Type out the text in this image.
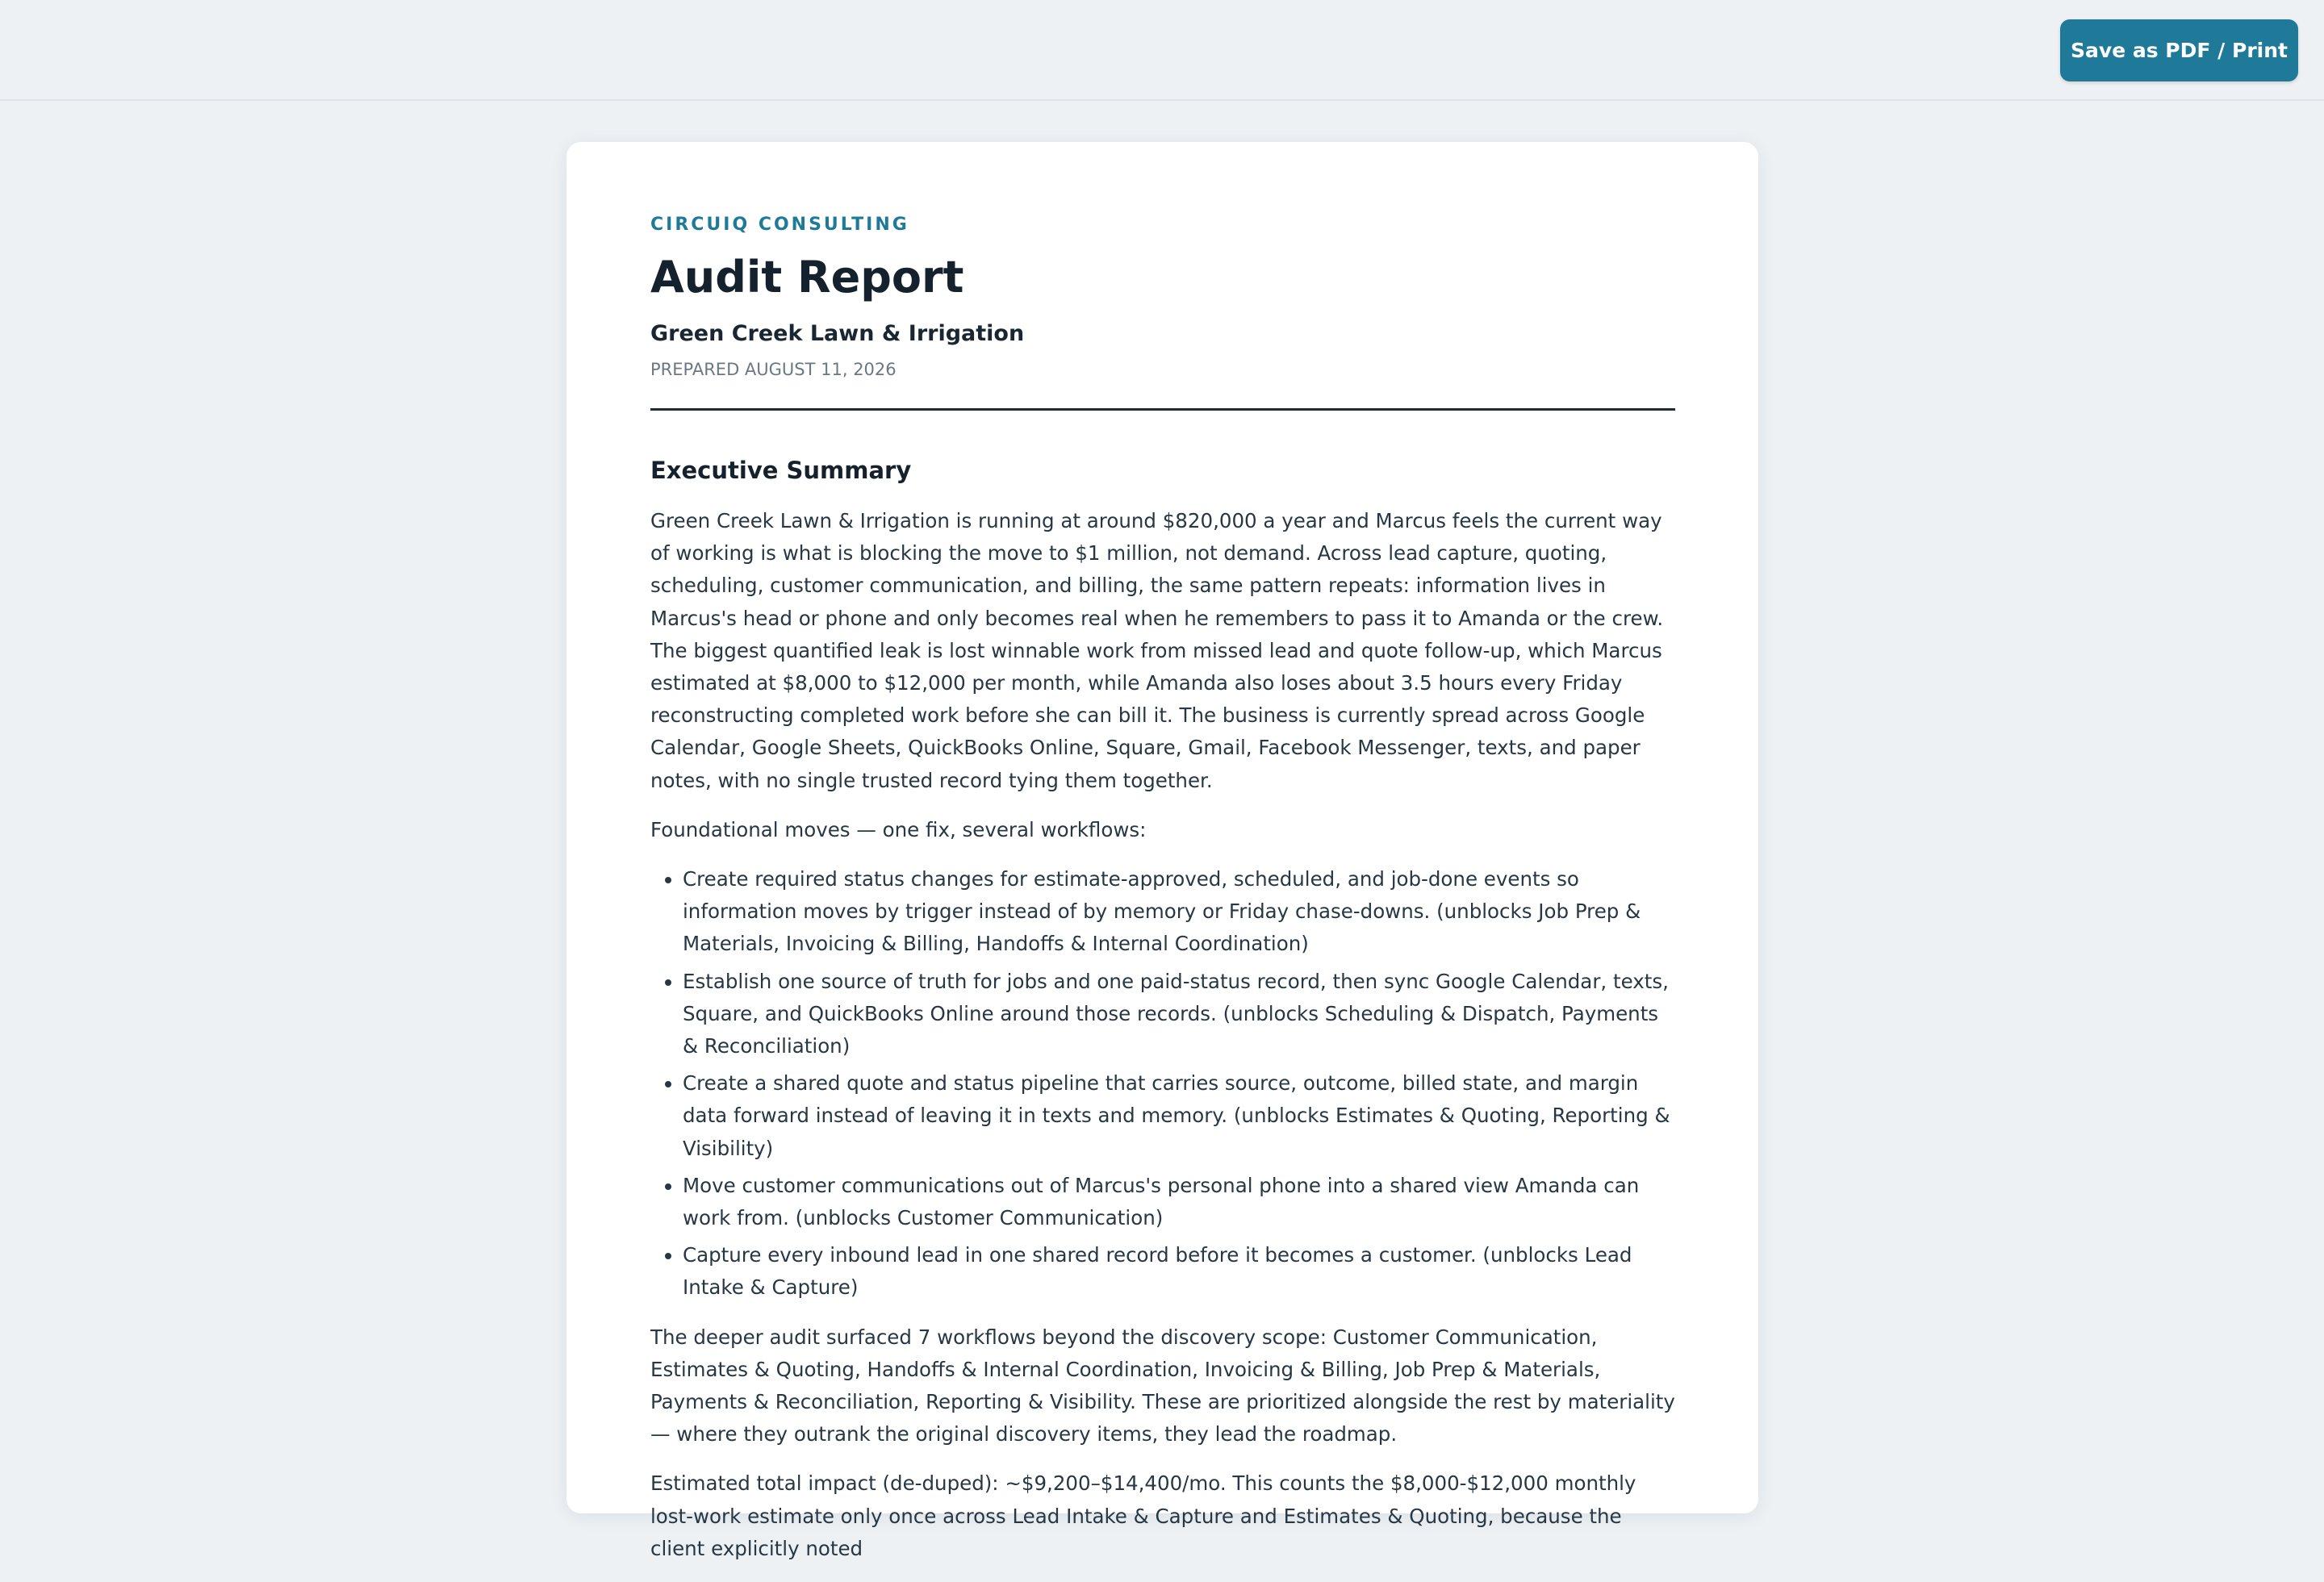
Save as PDF / Print
CIRCUIQ CONSULTING
Audit Report
Green Creek Lawn & Irrigation
PREPARED AUGUST 11, 2026
Executive Summary

Green Creek Lawn & Irrigation is running at around $820,000 a year and Marcus feels the current way of working is what is blocking the move to $1 million, not demand. Across lead capture, quoting, scheduling, customer communication, and billing, the same pattern repeats: information lives in Marcus's head or phone and only becomes real when he remembers to pass it to Amanda or the crew. The biggest quantified leak is lost winnable work from missed lead and quote follow-up, which Marcus estimated at $8,000 to $12,000 per month, while Amanda also loses about 3.5 hours every Friday reconstructing completed work before she can bill it. The business is currently spread across Google Calendar, Google Sheets, QuickBooks Online, Square, Gmail, Facebook Messenger, texts, and paper notes, with no single trusted record tying them together.

Foundational moves — one fix, several workflows:

• Create required status changes for estimate-approved, scheduled, and job-done events so information moves by trigger instead of by memory or Friday chase-downs. (unblocks Job Prep & Materials, Invoicing & Billing, Handoffs & Internal Coordination)
• Establish one source of truth for jobs and one paid-status record, then sync Google Calendar, texts, Square, and QuickBooks Online around those records. (unblocks Scheduling & Dispatch, Payments & Reconciliation)
• Create a shared quote and status pipeline that carries source, outcome, billed state, and margin data forward instead of leaving it in texts and memory. (unblocks Estimates & Quoting, Reporting & Visibility)
• Move customer communications out of Marcus's personal phone into a shared view Amanda can work from. (unblocks Customer Communication)
• Capture every inbound lead in one shared record before it becomes a customer. (unblocks Lead Intake & Capture)

The deeper audit surfaced 7 workflows beyond the discovery scope: Customer Communication, Estimates & Quoting, Handoffs & Internal Coordination, Invoicing & Billing, Job Prep & Materials, Payments & Reconciliation, Reporting & Visibility. These are prioritized alongside the rest by materiality — where they outrank the original discovery items, they lead the roadmap.

Estimated total impact (de-duped): ~$9,200–$14,400/mo. This counts the $8,000-$12,000 monthly lost-work estimate only once across Lead Intake & Capture and Estimates & Quoting, because the client explicitly noted
